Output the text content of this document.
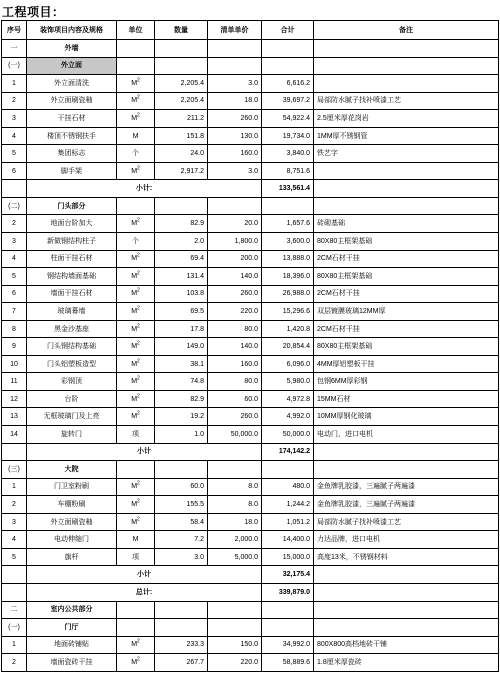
工程项目：
序号	装饰项目内容及规格	单位	数量	清单单价	合计	备注
一	外墙					
(一)	外立面					
1	外立面清洗	$M^2$	2,205.4	3.0	6,616.2	
2	外立面刷瓷釉	$M^2$	2,205.4	18.0	39,697.2	局部防水腻子找补喷漆工艺
3	干挂石材	$M^2$	211.2	260.0	54,922.4	2.5厘米厚花岗岩
4	楼顶不锈钢扶手	M	151.8	130.0	19,734.0	1MM厚不锈钢管
5	集团标志	个	24.0	160.0	3,840.0	铁艺字
6	脚手架	$M^2$	2,917.2	3.0	8,751.6	
	小计:				133,561.4	
(二)	门头部分					
2	地面台阶加大	$M^2$	82.9	20.0	1,657.6	砖砌基础
3	新做钢结构柱子	个	2.0	1,800.0	3,600.0	80X80主框架基础
4	柱面干挂石材	$M^2$	69.4	200.0	13,888.0	2CM石材干挂
5	钢结构墙面基础	$M^2$	131.4	140.0	18,396.0	80X80主框架基础
6	墙面干挂石材	$M^2$	103.8	260.0	26,988.0	2CM石材干挂
7	玻璃幕墙	$M^2$	69.5	220.0	15,296.6	双层镀膜玻璃12MM厚
8	黑金沙基座	$M^2$	17.8	80.0	1,420.8	2CM石材干挂
9	门头钢结构基础	$M^2$	149.0	140.0	20,854.4	80X80主框架基础
10	门头铝塑板造型	$M^2$	38.1	160.0	6,096.0	4MM厚铝塑板干挂
11	彩钢顶	$M^2$	74.8	80.0	5,980.0	包钢6MM厚彩钢
12	台阶	$M^2$	82.9	60.0	4,972.8	15MM石材
13	无框玻璃门及上亮	$M^2$	19.2	260.0	4,992.0	10MM厚钢化玻璃
14	旋转门	项	1.0	50,000.0	50,000.0	电动门，进口电机
	小计				174,142.2	
(三)	大院					
1	门卫室粉刷	$M^2$	60.0	8.0	480.0	金鱼牌乳胶漆，三遍腻子两遍漆
2	车棚粉刷	$M^2$	155.5	8.0	1,244.2	金鱼牌乳胶漆，三遍腻子两遍漆
3	外立面刷瓷釉	$M^2$	58.4	18.0	1,051.2	局部防水腻子找补喷漆工艺
4	电动伸缩门	M	7.2	2,000.0	14,400.0	力达品牌，进口电机
5	旗杆	项	3.0	5,000.0	15,000.0	高度13米，不锈钢材料
	小计				32,175.4	
	总计:				339,879.0	
二	室内公共部分					
(一)	门厅					
1	地面砖铺贴	$M^2$	233.3	150.0	34,992.0	800X800高档地砖干铺
2	墙面瓷砖干挂	$M^2$	267.7	220.0	58,889.6	1.8厘米厚瓷砖
